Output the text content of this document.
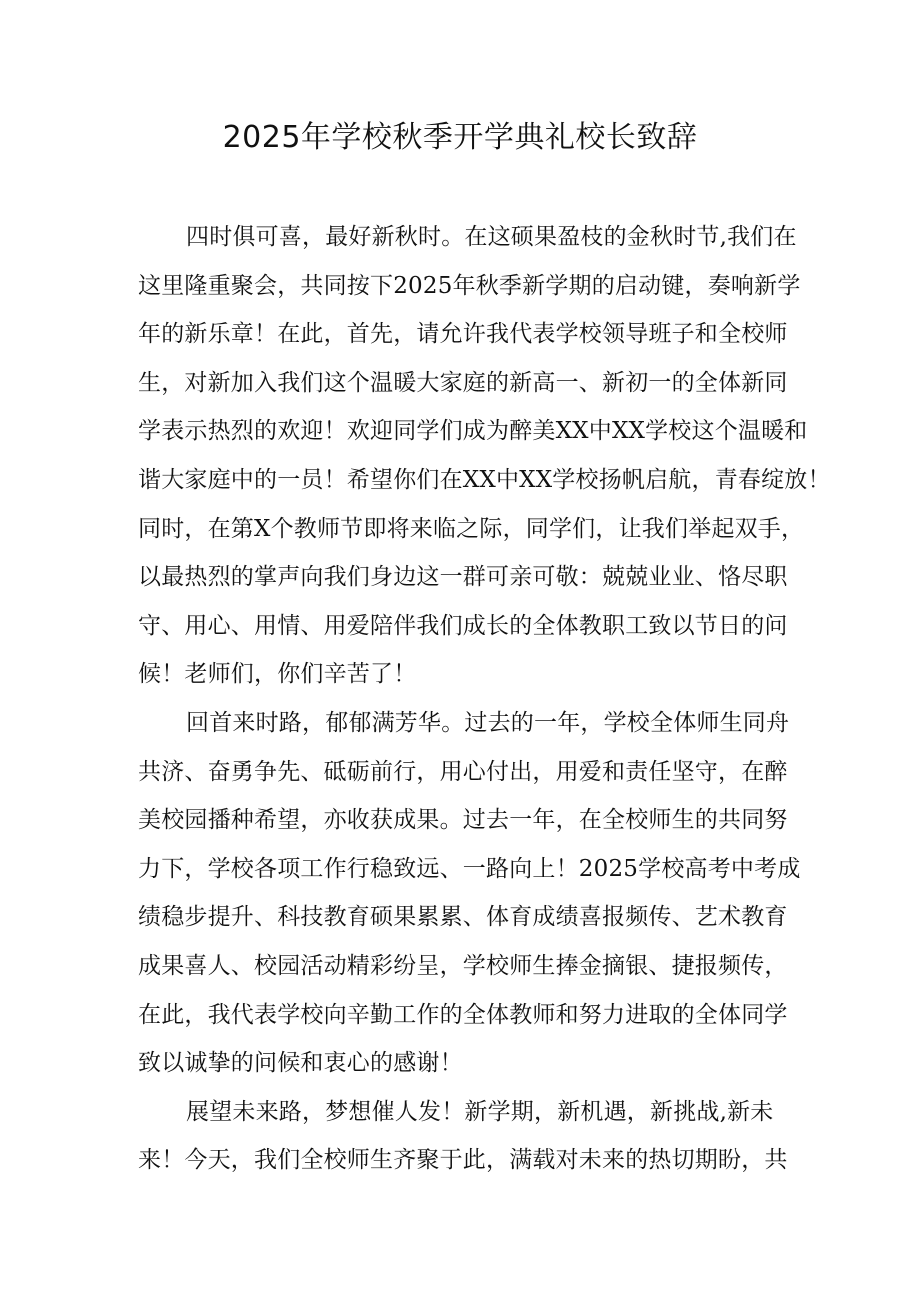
2025年学校秋季开学典礼校长致辞

四时俱可喜，最好新秋时。在这硕果盈枝的金秋时节,我们在
这里隆重聚会，共同按下2025年秋季新学期的启动键，奏响新学
年的新乐章！在此，首先，请允许我代表学校领导班子和全校师
生，对新加入我们这个温暖大家庭的新高一、新初一的全体新同
学表示热烈的欢迎！欢迎同学们成为醉美XX中XX学校这个温暖和
谐大家庭中的一员！希望你们在XX中XX学校扬帆启航，青春绽放！
同时，在第X个教师节即将来临之际，同学们，让我们举起双手，
以最热烈的掌声向我们身边这一群可亲可敬：兢兢业业、恪尽职
守、用心、用情、用爱陪伴我们成长的全体教职工致以节日的问
候！老师们，你们辛苦了！

回首来时路，郁郁满芳华。过去的一年，学校全体师生同舟
共济、奋勇争先、砥砺前行，用心付出，用爱和责任坚守，在醉
美校园播种希望，亦收获成果。过去一年，在全校师生的共同努
力下，学校各项工作行稳致远、一路向上！2025学校高考中考成
绩稳步提升、科技教育硕果累累、体育成绩喜报频传、艺术教育
成果喜人、校园活动精彩纷呈，学校师生捧金摘银、捷报频传，
在此，我代表学校向辛勤工作的全体教师和努力进取的全体同学
致以诚挚的问候和衷心的感谢！

展望未来路，梦想催人发！新学期，新机遇，新挑战,新未
来！今天，我们全校师生齐聚于此，满载对未来的热切期盼，共
